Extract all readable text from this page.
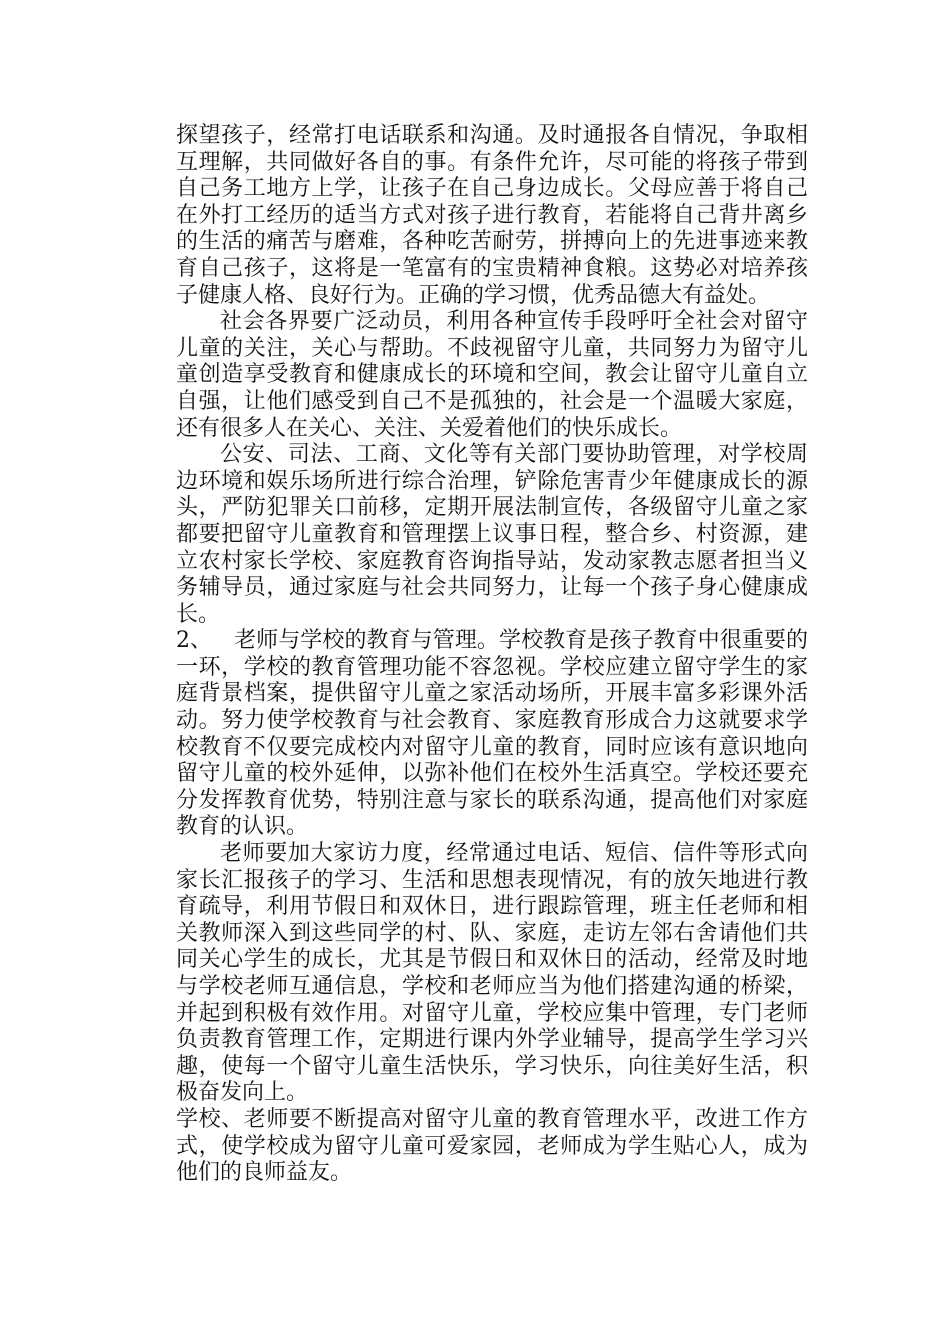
探望孩子，经常打电话联系和沟通。及时通报各自情况，争取相互理解，共同做好各自的事。有条件允许，尽可能的将孩子带到自己务工地方上学，让孩子在自己身边成长。父母应善于将自己在外打工经历的适当方式对孩子进行教育，若能将自己背井离乡的生活的痛苦与磨难，各种吃苦耐劳，拼搏向上的先进事迹来教育自己孩子，这将是一笔富有的宝贵精神食粮。这势必对培养孩子健康人格、良好行为。正确的学习惯，优秀品德大有益处。

社会各界要广泛动员，利用各种宣传手段呼吁全社会对留守儿童的关注，关心与帮助。不歧视留守儿童，共同努力为留守儿童创造享受教育和健康成长的环境和空间，教会让留守儿童自立自强，让他们感受到自己不是孤独的，社会是一个温暖大家庭，还有很多人在关心、关注、关爱着他们的快乐成长。

公安、司法、工商、文化等有关部门要协助管理，对学校周边环境和娱乐场所进行综合治理，铲除危害青少年健康成长的源头，严防犯罪关口前移，定期开展法制宣传，各级留守儿童之家都要把留守儿童教育和管理摆上议事日程，整合乡、村资源，建立农村家长学校、家庭教育咨询指导站，发动家教志愿者担当义务辅导员，通过家庭与社会共同努力，让每一个孩子身心健康成长。

2、 老师与学校的教育与管理。学校教育是孩子教育中很重要的一环，学校的教育管理功能不容忽视。学校应建立留守学生的家庭背景档案，提供留守儿童之家活动场所，开展丰富多彩课外活动。努力使学校教育与社会教育、家庭教育形成合力这就要求学校教育不仅要完成校内对留守儿童的教育，同时应该有意识地向留守儿童的校外延伸，以弥补他们在校外生活真空。学校还要充分发挥教育优势，特别注意与家长的联系沟通，提高他们对家庭教育的认识。

老师要加大家访力度，经常通过电话、短信、信件等形式向家长汇报孩子的学习、生活和思想表现情况，有的放矢地进行教育疏导，利用节假日和双休日，进行跟踪管理，班主任老师和相关教师深入到这些同学的村、队、家庭，走访左邻右舍请他们共同关心学生的成长，尤其是节假日和双休日的活动，经常及时地与学校老师互通信息，学校和老师应当为他们搭建沟通的桥梁，并起到积极有效作用。对留守儿童，学校应集中管理，专门老师负责教育管理工作，定期进行课内外学业辅导，提高学生学习兴趣，使每一个留守儿童生活快乐，学习快乐，向往美好生活，积极奋发向上。

学校、老师要不断提高对留守儿童的教育管理水平，改进工作方式，使学校成为留守儿童可爱家园，老师成为学生贴心人，成为他们的良师益友。
